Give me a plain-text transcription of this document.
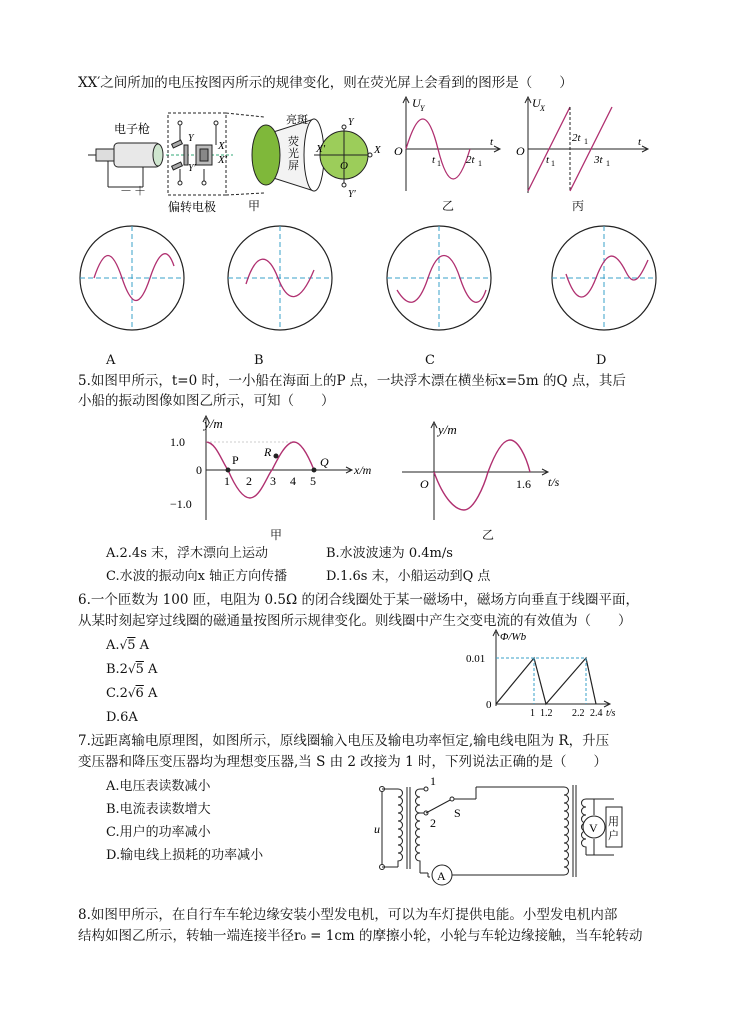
XX′之间所加的电压按图丙所示的规律变化，则在荧光屏上会看到的图形是（　　）
－ ＋
电子枪
X
X′
Y
Y′
偏转电极
亮斑
荧
光
屏
Y
Y′
X
X′
O
甲
U Y
O
t 1 2t 1
t
乙
U X
O
t 1
2t 1
3t 1
t
丙
A	B	C	D
5.如图甲所示，t=0 时，一小船在海面上的P 点，一块浮木漂在横坐标x=5m 的Q 点，其后
小船的振动图像如图乙所示，可知（　　）
y/m
1.0
0
−1.0
1 2 3 4 5
P
R
Q
x/m
甲
y/m
O	1.6 t/s
乙
A.2.4s 末，浮木漂向上运动	B.水波波速为 0.4m/s
C.水波的振动向x 轴正方向传播	D.1.6s 末，小船运动到Q 点
6.一个匝数为 100 匝，电阻为 0.5Ω 的闭合线圈处于某一磁场中，磁场方向垂直于线圈平面，
从某时刻起穿过线圈的磁通量按图所示规律变化。则线圈中产生交变电流的有效值为（　　）
A.√5 A
B.2√5 A
C.2√6 A
D.6A
Φ/Wb
0.01
0
1 1.2 2.2 2.4 t/s
7.远距离输电原理图，如图所示，原线圈输入电压及输电功率恒定,输电线电阻为 R，升压
变压器和降压变压器均为理想变压器,当 S 由 2 改接为 1 时，下列说法正确的是（　　）
A.电压表读数减小
B.电流表读数增大
C.用户的功率减小
D.输电线上损耗的功率减小
u
1
2
S
A
V 用
户
8.如图甲所示，在自行车车轮边缘安装小型发电机，可以为车灯提供电能。小型发电机内部
结构如图乙所示，转轴一端连接半径r₀ = 1cm 的摩擦小轮，小轮与车轮边缘接触，当车轮转动
